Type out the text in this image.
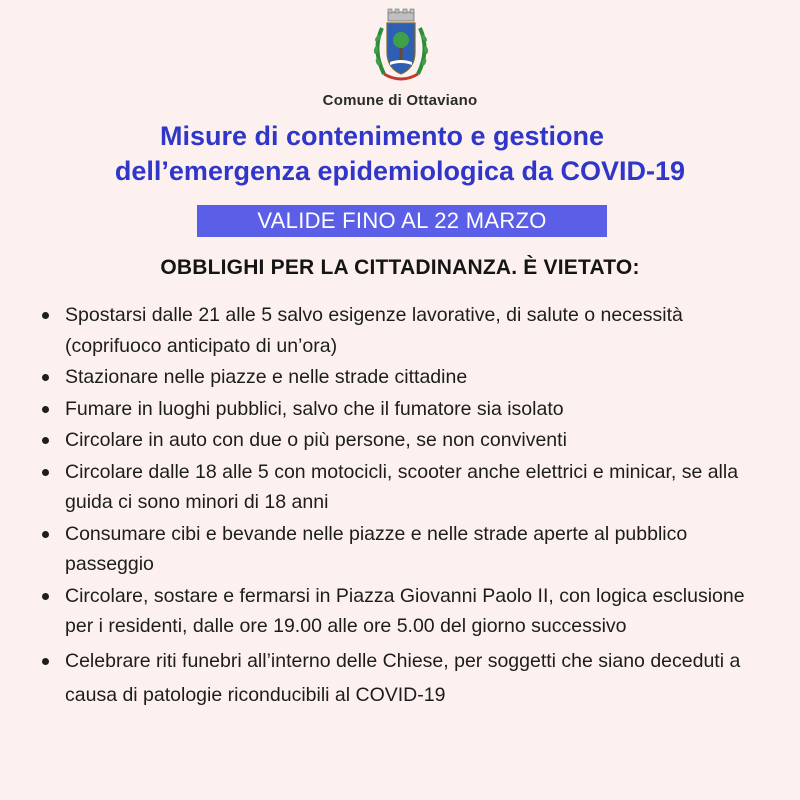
Comune di Ottaviano
Misure di contenimento e gestione
dell’emergenza epidemiologica da COVID-19
VALIDE FINO AL 22 MARZO
OBBLIGHI PER LA CITTADINANZA. È VIETATO:
Spostarsi dalle 21 alle 5 salvo esigenze lavorative, di salute o necessità (coprifuoco anticipato di un’ora)
Stazionare nelle piazze e nelle strade cittadine
Fumare in luoghi pubblici, salvo che il fumatore sia isolato
Circolare in auto con due o più persone, se non conviventi
Circolare dalle 18 alle 5 con motocicli, scooter anche elettrici e minicar, se alla guida ci sono minori di 18 anni
Consumare cibi e bevande nelle piazze e nelle strade aperte al pubblico passeggio
Circolare, sostare e fermarsi in Piazza Giovanni Paolo II, con logica esclusione per i residenti, dalle ore 19.00 alle ore 5.00 del giorno successivo
Celebrare riti funebri all’interno delle Chiese, per soggetti che siano deceduti a causa di patologie riconducibili al COVID-19
